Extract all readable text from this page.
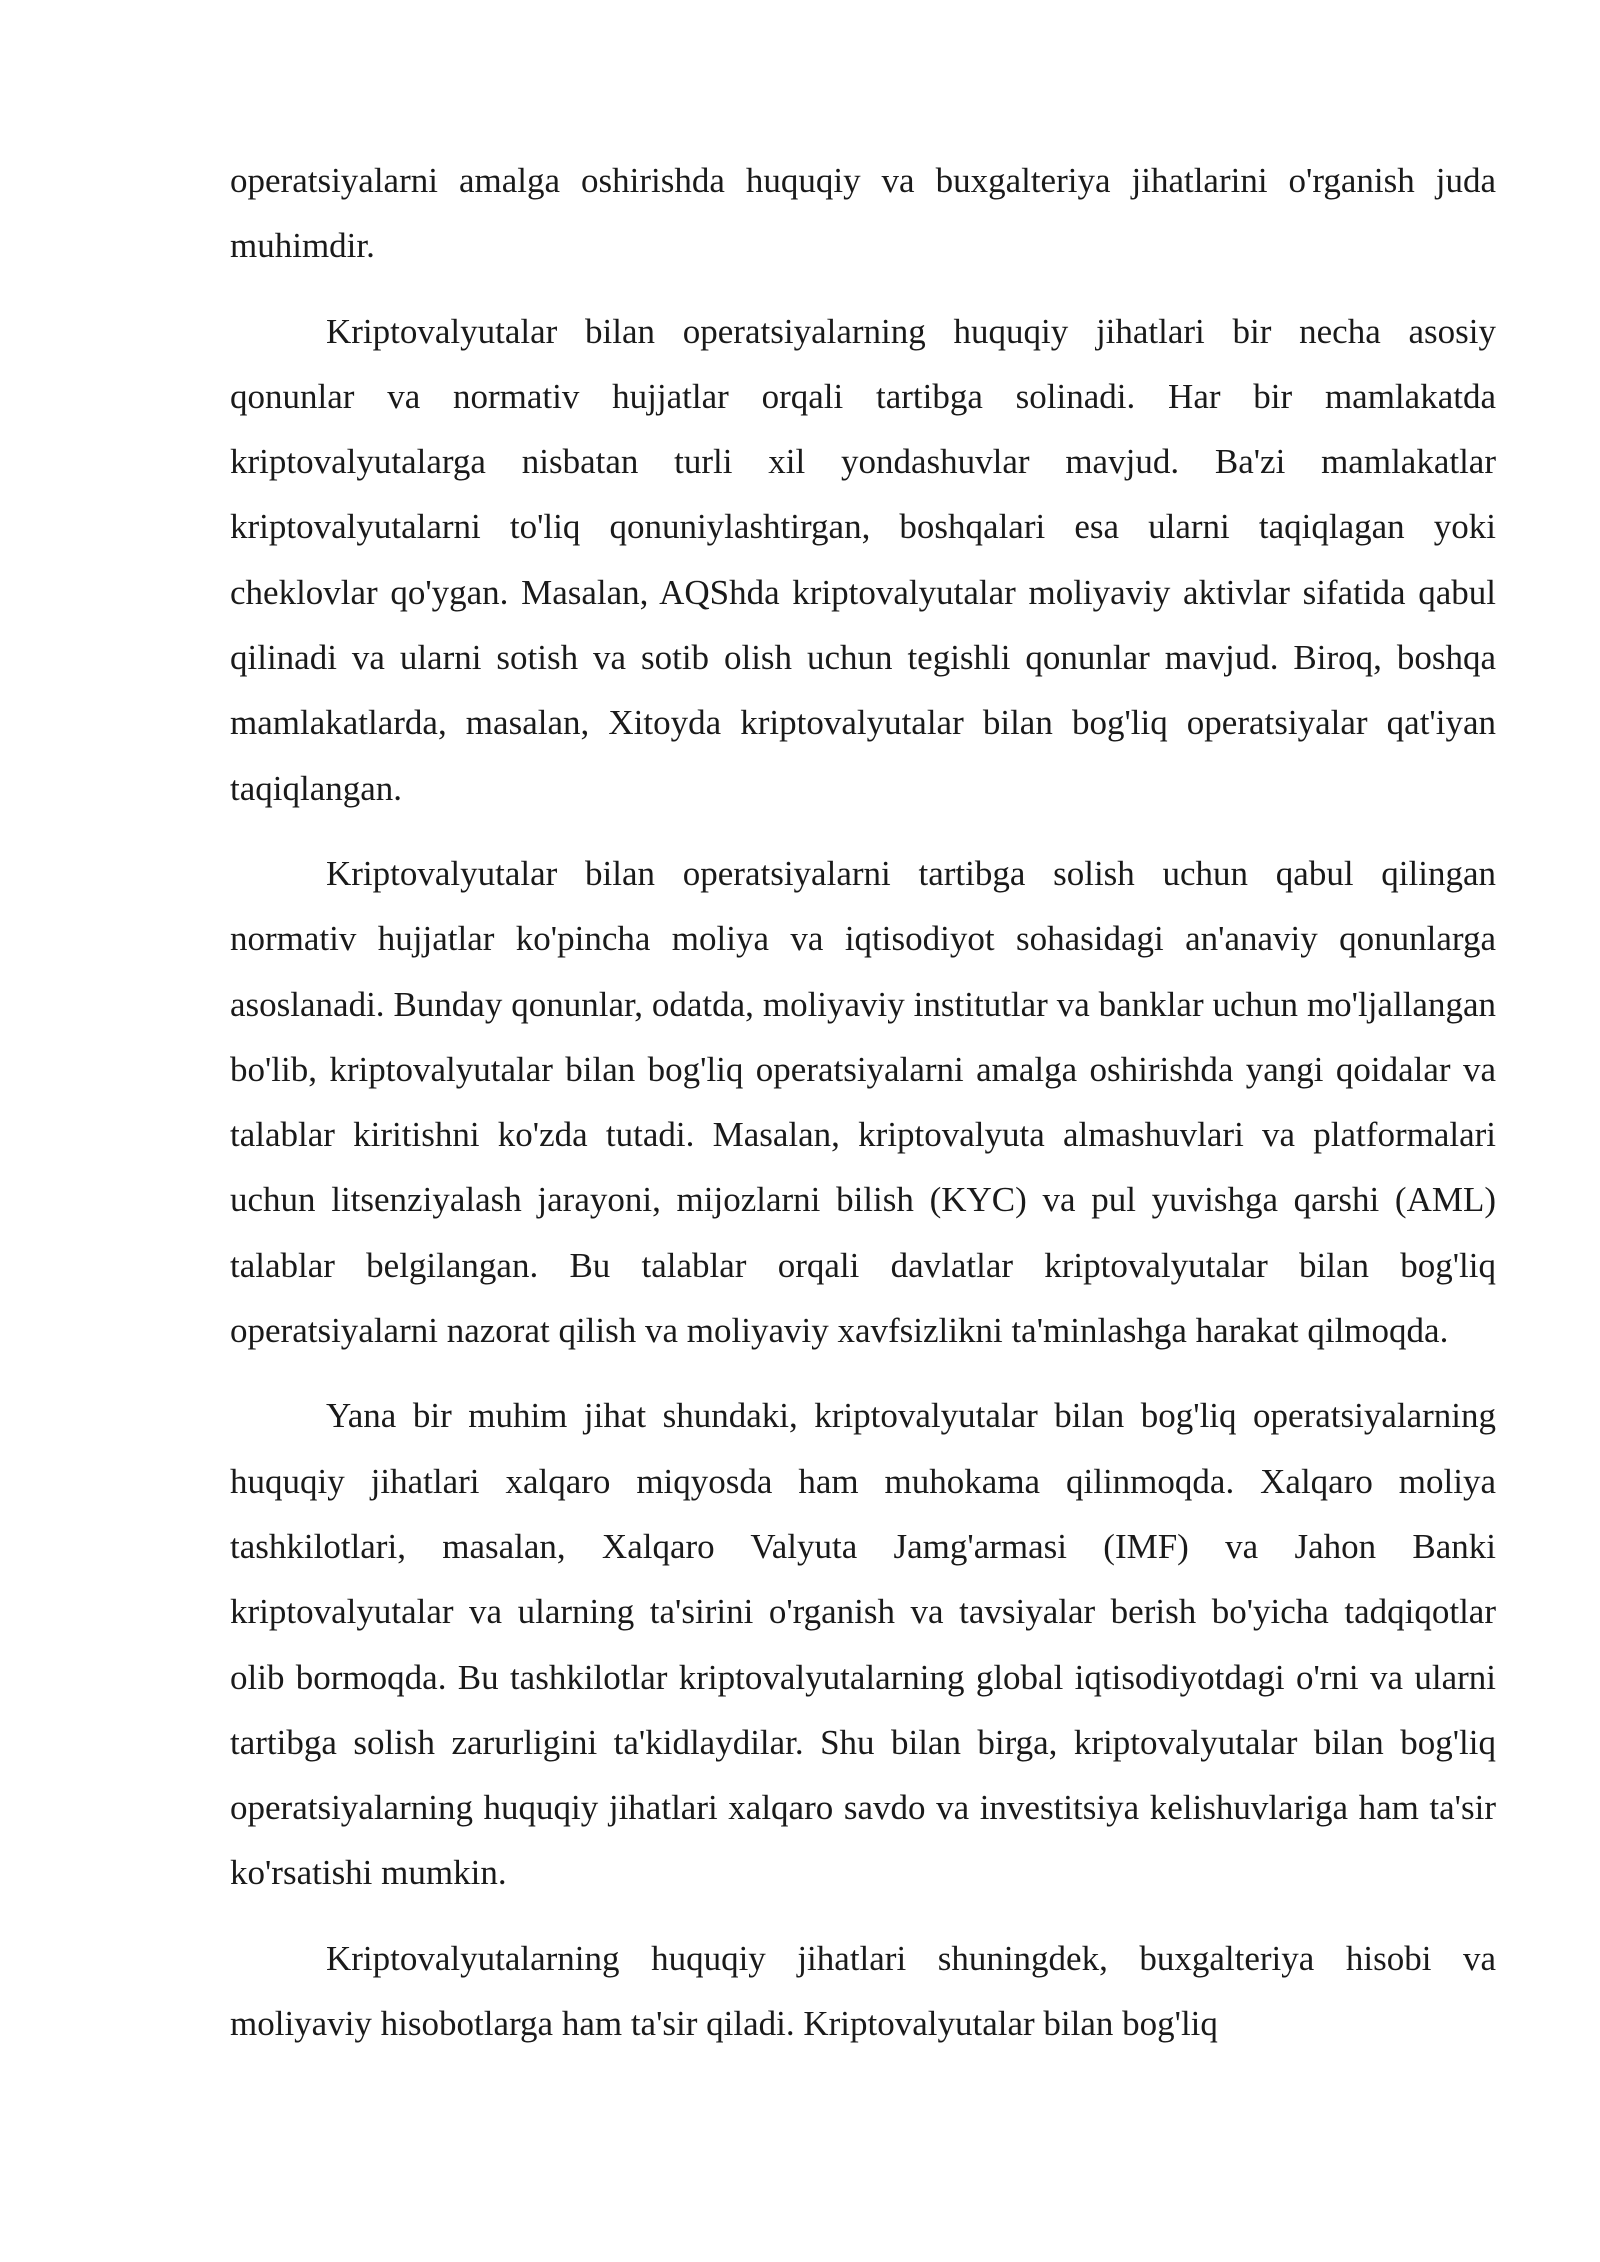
operatsiyalarni amalga oshirishda huquqiy va buxgalteriya jihatlarini o'rganish juda muhimdir.

Kriptovalyutalar bilan operatsiyalarning huquqiy jihatlari bir necha asosiy qonunlar va normativ hujjatlar orqali tartibga solinadi. Har bir mamlakatda kriptovalyutalarga nisbatan turli xil yondashuvlar mavjud. Ba'zi mamlakatlar kriptovalyutalarni to'liq qonuniylashtirgan, boshqalari esa ularni taqiqlagan yoki cheklovlar qo'ygan. Masalan, AQShda kriptovalyutalar moliyaviy aktivlar sifatida qabul qilinadi va ularni sotish va sotib olish uchun tegishli qonunlar mavjud. Biroq, boshqa mamlakatlarda, masalan, Xitoyda kriptovalyutalar bilan bog'liq operatsiyalar qat'iyan taqiqlangan.

Kriptovalyutalar bilan operatsiyalarni tartibga solish uchun qabul qilingan normativ hujjatlar ko'pincha moliya va iqtisodiyot sohasidagi an'anaviy qonunlarga asoslanadi. Bunday qonunlar, odatda, moliyaviy institutlar va banklar uchun mo'ljallangan bo'lib, kriptovalyutalar bilan bog'liq operatsiyalarni amalga oshirishda yangi qoidalar va talablar kiritishni ko'zda tutadi. Masalan, kriptovalyuta almashuvlari va platformalari uchun litsenziyalash jarayoni, mijozlarni bilish (KYC) va pul yuvishga qarshi (AML) talablar belgilangan. Bu talablar orqali davlatlar kriptovalyutalar bilan bog'liq operatsiyalarni nazorat qilish va moliyaviy xavfsizlikni ta'minlashga harakat qilmoqda.

Yana bir muhim jihat shundaki, kriptovalyutalar bilan bog'liq operatsiyalarning huquqiy jihatlari xalqaro miqyosda ham muhokama qilinmoqda. Xalqaro moliya tashkilotlari, masalan, Xalqaro Valyuta Jamg'armasi (IMF) va Jahon Banki kriptovalyutalar va ularning ta'sirini o'rganish va tavsiyalar berish bo'yicha tadqiqotlar olib bormoqda. Bu tashkilotlar kriptovalyutalarning global iqtisodiyotdagi o'rni va ularni tartibga solish zarurligini ta'kidlaydilar. Shu bilan birga, kriptovalyutalar bilan bog'liq operatsiyalarning huquqiy jihatlari xalqaro savdo va investitsiya kelishuvlariga ham ta'sir ko'rsatishi mumkin.

Kriptovalyutalarning huquqiy jihatlari shuningdek, buxgalteriya hisobi va moliyaviy hisobotlarga ham ta'sir qiladi. Kriptovalyutalar bilan bog'liq
